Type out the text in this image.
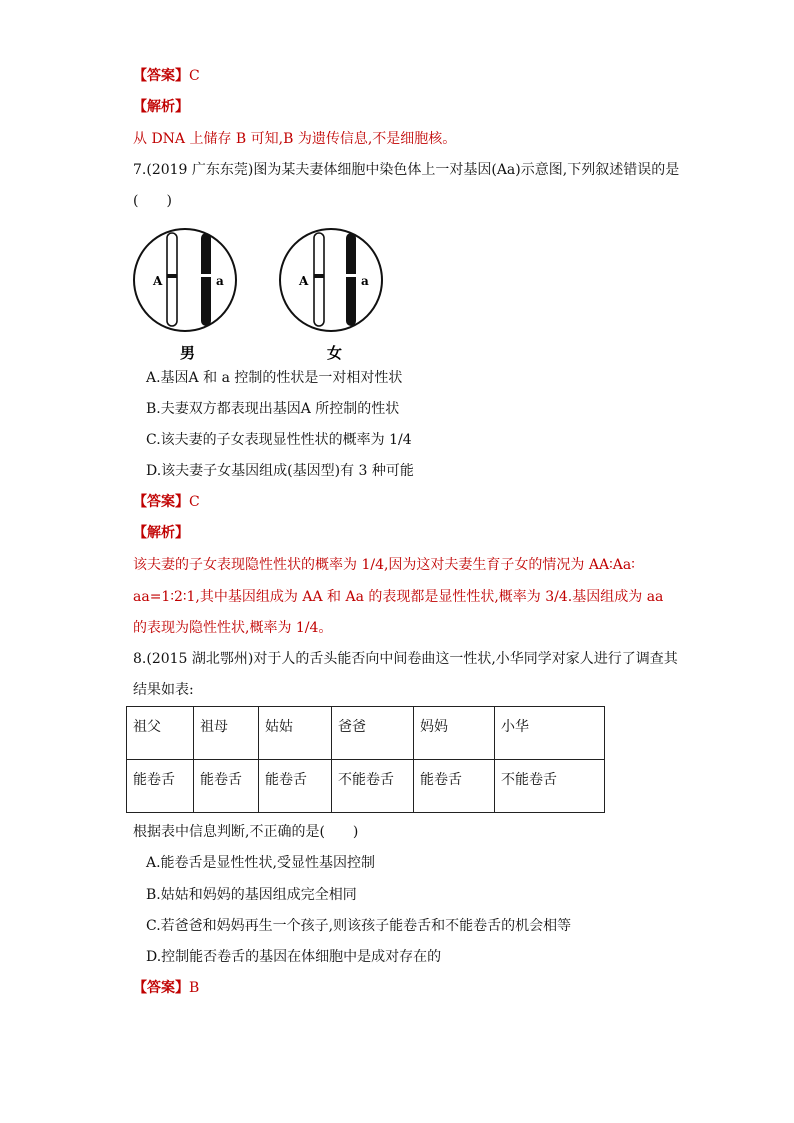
【答案】C
【解析】
从 DNA 上储存 B 可知,B 为遗传信息,不是细胞核。
7.(2019 广东东莞)图为某夫妻体细胞中染色体上一对基因(Aa)示意图,下列叙述错误的是
(　　)
A	a
男
A	a
女
A.基因A 和 a 控制的性状是一对相对性状
B.夫妻双方都表现出基因A 所控制的性状
C.该夫妻的子女表现显性性状的概率为 1/4
D.该夫妻子女基因组成(基因型)有 3 种可能
【答案】C
【解析】
该夫妻的子女表现隐性性状的概率为 1/4,因为这对夫妻生育子女的情况为 AA∶Aa∶
aa=1∶2∶1,其中基因组成为 AA 和 Aa 的表现都是显性性状,概率为 3/4.基因组成为 aa
的表现为隐性性状,概率为 1/4。
8.(2015 湖北鄂州)对于人的舌头能否向中间卷曲这一性状,小华同学对家人进行了调查其
结果如表:
祖父	祖母	姑姑	爸爸	妈妈	小华
能卷舌	能卷舌	能卷舌	不能卷舌	能卷舌	不能卷舌
根据表中信息判断,不正确的是(　　)
A.能卷舌是显性性状,受显性基因控制
B.姑姑和妈妈的基因组成完全相同
C.若爸爸和妈妈再生一个孩子,则该孩子能卷舌和不能卷舌的机会相等
D.控制能否卷舌的基因在体细胞中是成对存在的
【答案】B
